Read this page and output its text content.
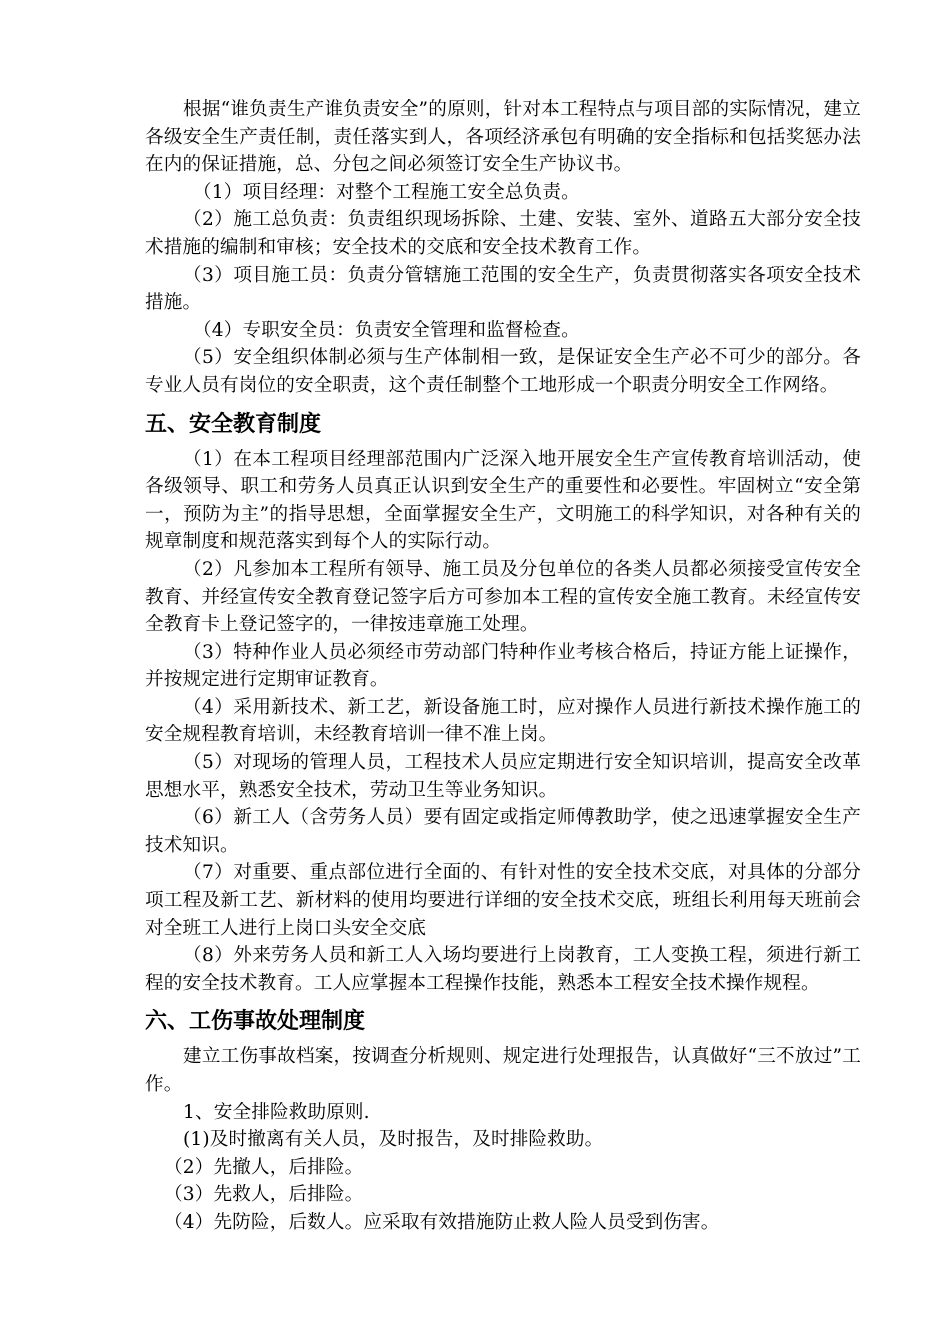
根据“谁负责生产谁负责安全”的原则，针对本工程特点与项目部的实际情况，建立各级安全生产责任制，责任落实到人，各项经济承包有明确的安全指标和包括奖惩办法在内的保证措施，总、分包之间必须签订安全生产协议书。

（1）项目经理：对整个工程施工安全总负责。

（2）施工总负责：负责组织现场拆除、土建、安装、室外、道路五大部分安全技术措施的编制和审核；安全技术的交底和安全技术教育工作。

（3）项目施工员：负责分管辖施工范围的安全生产，负责贯彻落实各项安全技术措施。

（4）专职安全员：负责安全管理和监督检查。

（5）安全组织体制必须与生产体制相一致，是保证安全生产必不可少的部分。各专业人员有岗位的安全职责，这个责任制整个工地形成一个职责分明安全工作网络。

五、安全教育制度

（1）在本工程项目经理部范围内广泛深入地开展安全生产宣传教育培训活动，使各级领导、职工和劳务人员真正认识到安全生产的重要性和必要性。牢固树立“安全第一，预防为主”的指导思想，全面掌握安全生产，文明施工的科学知识，对各种有关的规章制度和规范落实到每个人的实际行动。

（2）凡参加本工程所有领导、施工员及分包单位的各类人员都必须接受宣传安全教育、并经宣传安全教育登记签字后方可参加本工程的宣传安全施工教育。未经宣传安全教育卡上登记签字的，一律按违章施工处理。

（3）特种作业人员必须经市劳动部门特种作业考核合格后，持证方能上证操作，并按规定进行定期审证教育。

（4）采用新技术、新工艺，新设备施工时，应对操作人员进行新技术操作施工的安全规程教育培训，未经教育培训一律不准上岗。

（5）对现场的管理人员，工程技术人员应定期进行安全知识培训，提高安全改革思想水平，熟悉安全技术，劳动卫生等业务知识。

（6）新工人（含劳务人员）要有固定或指定师傅教助学，使之迅速掌握安全生产技术知识。

（7）对重要、重点部位进行全面的、有针对性的安全技术交底，对具体的分部分项工程及新工艺、新材料的使用均要进行详细的安全技术交底，班组长利用每天班前会对全班工人进行上岗口头安全交底

（8）外来劳务人员和新工人入场均要进行上岗教育，工人变换工程，须进行新工程的安全技术教育。工人应掌握本工程操作技能，熟悉本工程安全技术操作规程。

六、工伤事故处理制度

建立工伤事故档案，按调查分析规则、规定进行处理报告，认真做好“三不放过”工作。

1、安全排险救助原则.

(1)及时撤离有关人员，及时报告，及时排险救助。

（2）先撤人，后排险。

（3）先救人，后排险。

（4）先防险，后数人。应采取有效措施防止救人险人员受到伤害。
